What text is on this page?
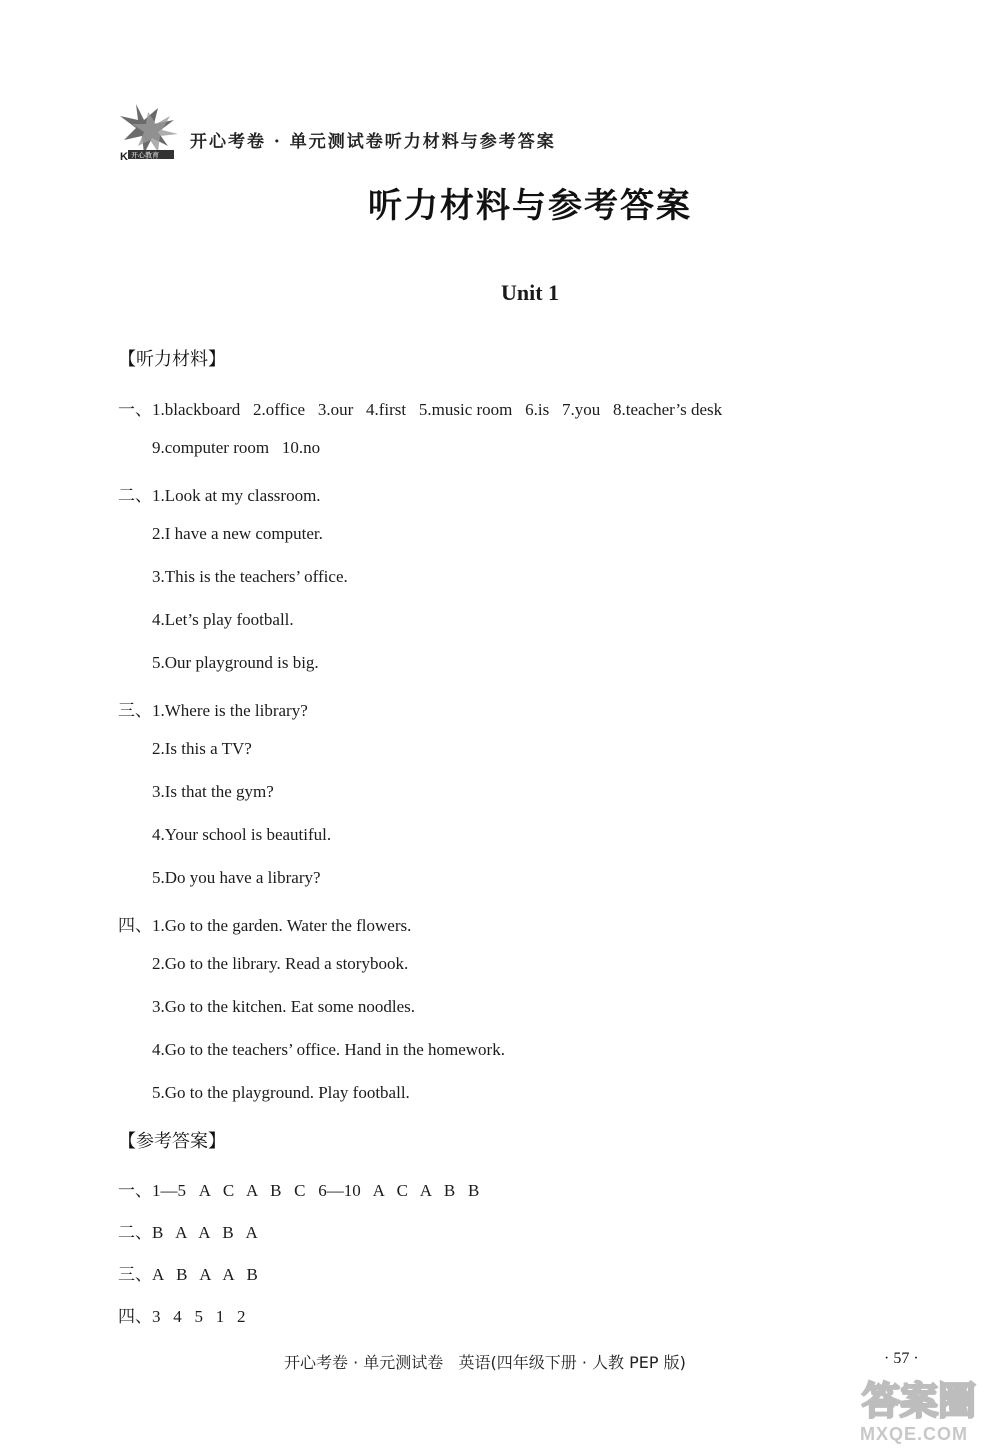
K 开心教育
开心考卷 · 单元测试卷听力材料与参考答案
听力材料与参考答案
Unit 1
【听力材料】
一、1.blackboard   2.office   3.our   4.first   5.music room   6.is   7.you   8.teacher’s desk
9.computer room   10.no
二、1.Look at my classroom.
2.I have a new computer.
3.This is the teachers’ office.
4.Let’s play football.
5.Our playground is big.
三、1.Where is the library?
2.Is this a TV?
3.Is that the gym?
4.Your school is beautiful.
5.Do you have a library?
四、1.Go to the garden. Water the flowers.
2.Go to the library. Read a storybook.
3.Go to the kitchen. Eat some noodles.
4.Go to the teachers’ office. Hand in the homework.
5.Go to the playground. Play football.
【参考答案】
一、1—5   A   C   A   B   C   6—10   A   C   A   B   B
二、B   A   A   B   A
三、A   B   A   A   B
四、3   4   5   1   2
开心考卷 · 单元测试卷   英语(四年级下册 · 人教 PEP 版)	· 57 ·
答案圈
MXQE.COM
